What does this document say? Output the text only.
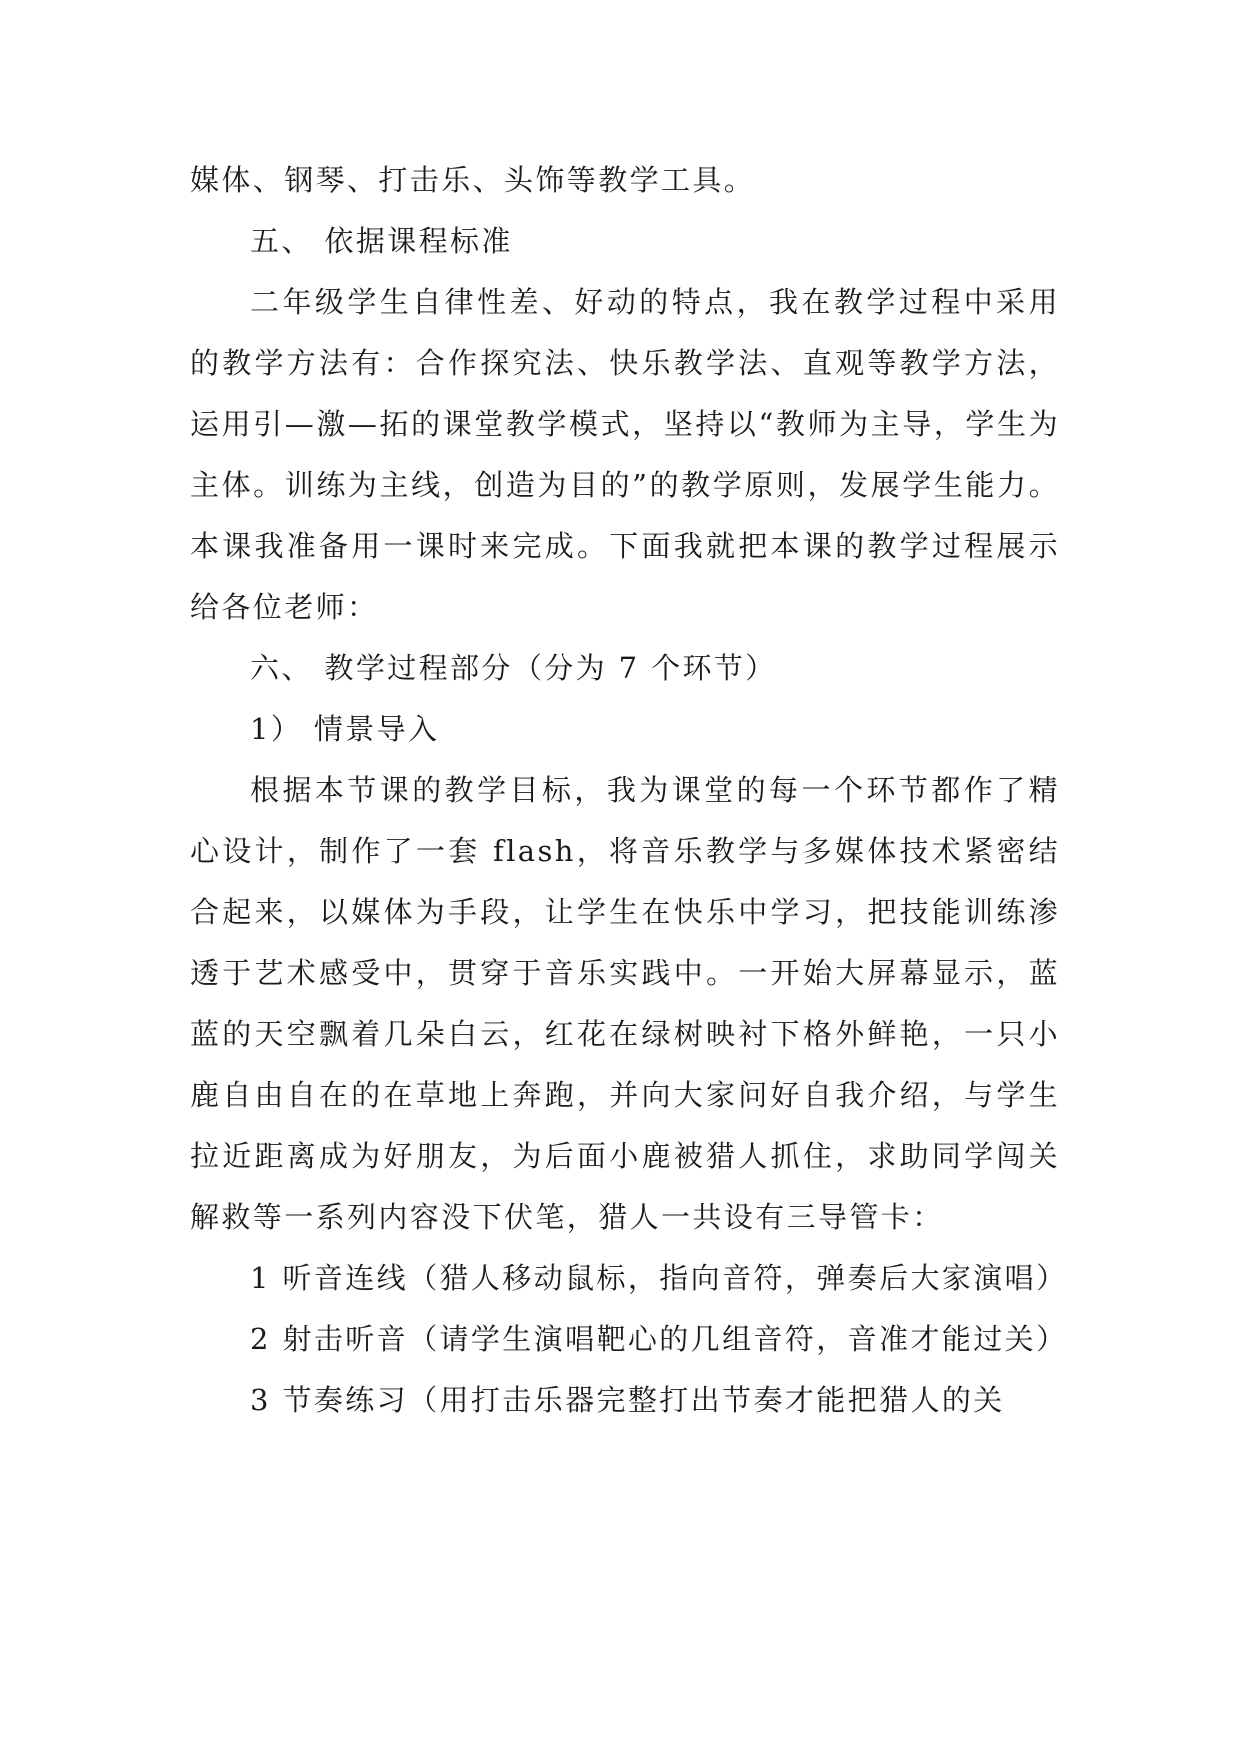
媒体、钢琴、打击乐、头饰等教学工具。

五、 依据课程标准

二年级学生自律性差、好动的特点，我在教学过程中采用的教学方法有：合作探究法、快乐教学法、直观等教学方法，运用引—激—拓的课堂教学模式，坚持以“教师为主导，学生为主体。训练为主线，创造为目的”的教学原则，发展学生能力。本课我准备用一课时来完成。下面我就把本课的教学过程展示给各位老师：

六、 教学过程部分（分为 7 个环节）

1） 情景导入

根据本节课的教学目标，我为课堂的每一个环节都作了精心设计，制作了一套 flash，将音乐教学与多媒体技术紧密结合起来，以媒体为手段，让学生在快乐中学习，把技能训练渗透于艺术感受中，贯穿于音乐实践中。一开始大屏幕显示，蓝蓝的天空飘着几朵白云，红花在绿树映衬下格外鲜艳，一只小鹿自由自在的在草地上奔跑，并向大家问好自我介绍，与学生拉近距离成为好朋友，为后面小鹿被猎人抓住，求助同学闯关解救等一系列内容没下伏笔，猎人一共设有三导管卡：

1 听音连线（猎人移动鼠标，指向音符，弹奏后大家演唱）

2 射击听音（请学生演唱靶心的几组音符，音准才能过关）

3 节奏练习（用打击乐器完整打出节奏才能把猎人的关
